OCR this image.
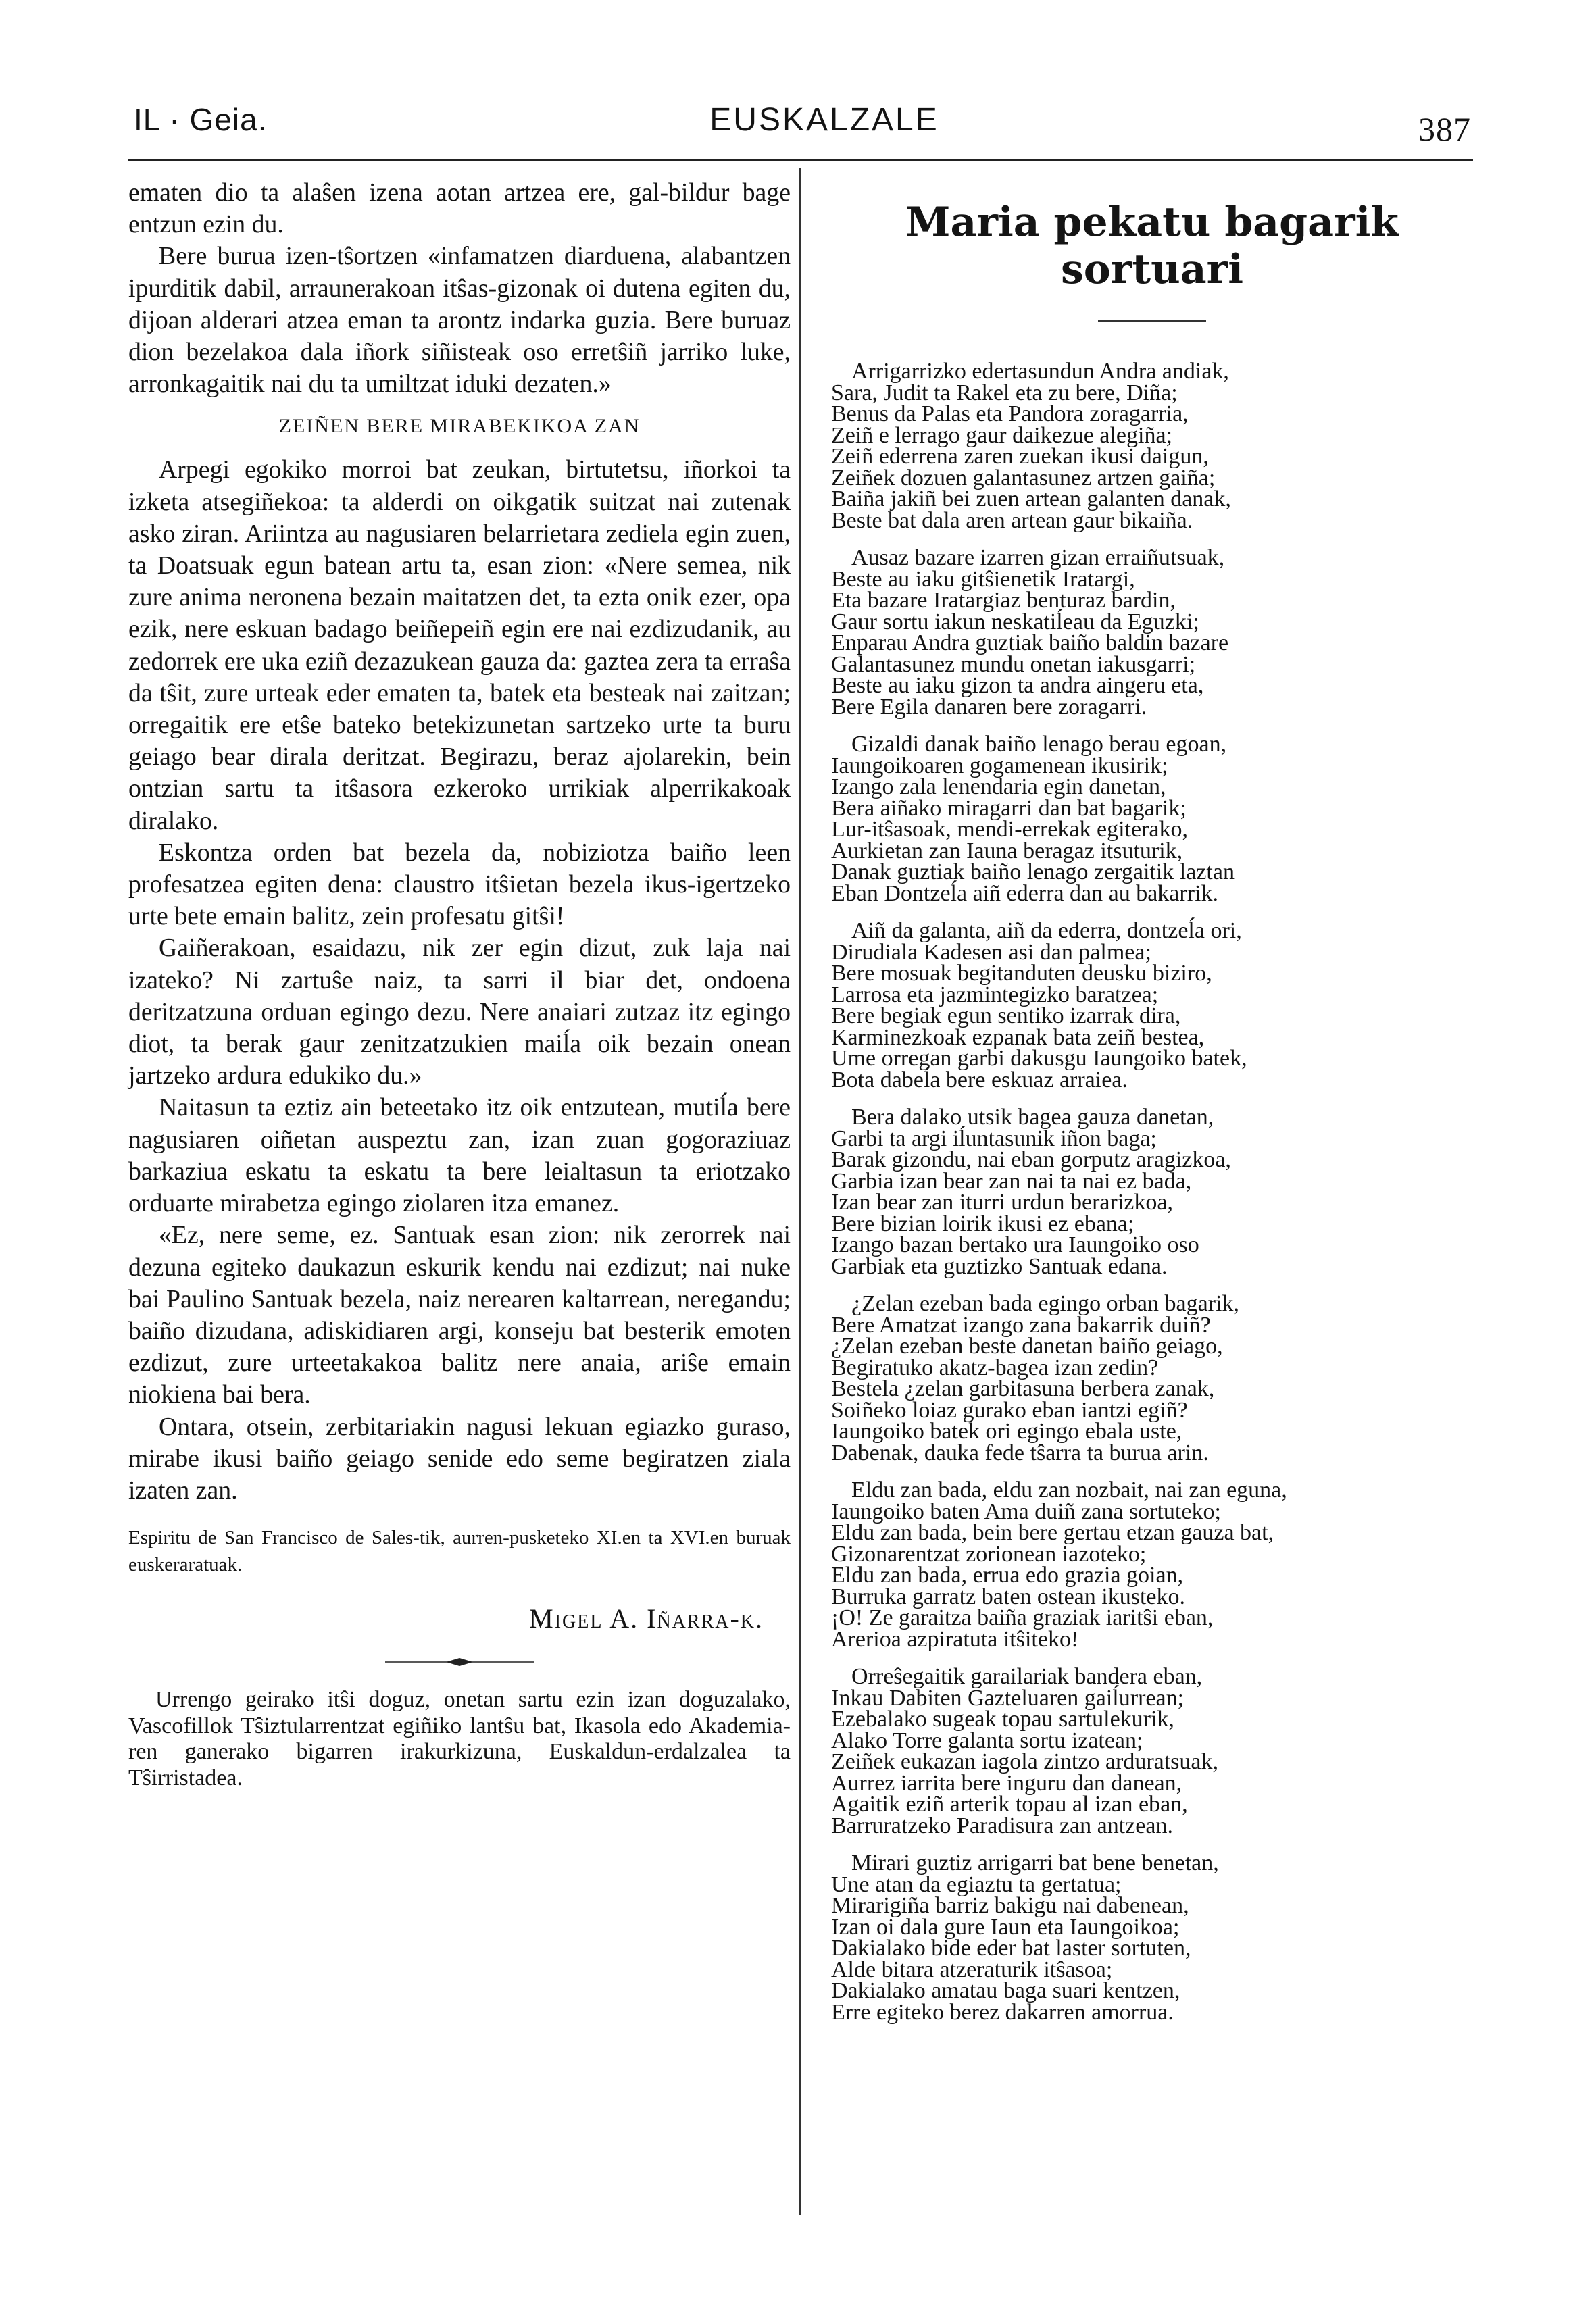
IL · Geia.	EUSKALZALE	387

ematen dio ta alaŝen izena aotan artzea ere, gal-bildur bage entzun ezin du.

Bere burua izen-tŝortzen «infamatzen diarduena, alabantzen ipurditik dabil, arraunerakoan itŝas-gizonak oi dutena egiten du, dijoan alderari atzea eman ta arontz indarka guzia. Bere buruaz dion bezelakoa dala iñork siñisteak oso erretŝiñ jarriko luke, arronkagaitik nai du ta umiltzat iduki dezaten.»

ZEIÑEN BERE MIRABEKIKOA ZAN

Arpegi egokiko morroi bat zeukan, birtutetsu, iñorkoi ta izketa atsegiñekoa: ta alderdi on oikgatik suitzat nai zutenak asko ziran. Ariintza au nagusiaren belarrietara zediela egin zuen, ta Doatsuak egun batean artu ta, esan zion: «Nere semea, nik zure anima neronena bezain maitatzen det, ta ezta onik ezer, opa ezik, nere eskuan badago beiñepeiñ egin ere nai ezdizudanik, au zedorrek ere uka eziñ dezazukean gauza da: gaztea zera ta erraŝa da tŝit, zure urteak eder ematen ta, batek eta besteak nai zaitzan; orregaitik ere etŝe bateko betekizunetan sartzeko urte ta buru geiago bear dirala deritzat. Begirazu, beraz ajolarekin, bein ontzian sartu ta itŝasora ezkeroko urrikiak alperrikakoak diralako.

Eskontza orden bat bezela da, nobiziotza baiño leen profesatzea egiten dena: claustro itŝietan bezela ikus-igertzeko urte bete emain balitz, zein profesatu gitŝi!

Gaiñerakoan, esaidazu, nik zer egin dizut, zuk laja nai izateko? Ni zartuŝe naiz, ta sarri il biar det, ondoena deritzatzuna orduan egingo dezu. Nere anaiari zutzaz itz egingo diot, ta berak gaur zenitzatzukien maiĺa oik bezain onean jartzeko ardura edukiko du.»

Naitasun ta eztiz ain beteetako itz oik entzutean, mutiĺa bere nagusiaren oiñetan auspeztu zan, izan zuan gogoraziuaz barkaziua eskatu ta eskatu ta bere leialtasun ta eriotzako orduarte mirabetza egingo ziolaren itza emanez.

«Ez, nere seme, ez. Santuak esan zion: nik zerorrek nai dezuna egiteko daukazun eskurik kendu nai ezdizut; nai nuke bai Paulino Santuak bezela, naiz nerearen kaltarrean, neregandu; baiño dizudana, adiskidiaren argi, konseju bat besterik emoten ezdizut, zure urteetakakoa balitz nere anaia, ariŝe emain niokiena bai bera.

Ontara, otsein, zerbitariakin nagusi lekuan egiazko guraso, mirabe ikusi baiño geiago senide edo seme begiratzen ziala izaten zan.

Espiritu de San Francisco de Sales-tik, aurren-pusketeko XI.en ta XVI.en buruak euskeraratuak.

Migel A. Iñarra-k.

Urrengo geirako itŝi doguz, onetan sartu ezin izan doguzalako, Vascofillok Tŝiztularrentzat egiñiko lantŝu bat, Ikasola edo Akademia-ren ganerako bigarren irakurkizuna, Euskaldun-erdalzalea ta Tŝirristadea.

Maria pekatu bagarik sortuari
Arrigarrizko edertasundun Andra andiak,
Sara, Judit ta Rakel eta zu bere, Diña;
Benus da Palas eta Pandora zoragarria,
Zeiñ e lerrago gaur daikezue alegiña;
Zeiñ ederrena zaren zuekan ikusi daigun,
Zeiñek dozuen galantasunez artzen gaiña;
Baiña jakiñ bei zuen artean galanten danak,
Beste bat dala aren artean gaur bikaiña.
Ausaz bazare izarren gizan erraiñutsuak,
Beste au iaku gitŝienetik Iratargi,
Eta bazare Iratargiaz benturaz bardin,
Gaur sortu iakun neskatiĺeau da Eguzki;
Enparau Andra guztiak baiño baldin bazare
Galantasunez mundu onetan iakusgarri;
Beste au iaku gizon ta andra aingeru eta,
Bere Egila danaren bere zoragarri.
Gizaldi danak baiño lenago berau egoan,
Iaungoikoaren gogamenean ikusirik;
Izango zala lenendaria egin danetan,
Bera aiñako miragarri dan bat bagarik;
Lur-itŝasoak, mendi-errekak egiterako,
Aurkietan zan Iauna beragaz itsuturik,
Danak guztiak baiño lenago zergaitik laztan
Eban Dontzeĺa aiñ ederra dan au bakarrik.
Aiñ da galanta, aiñ da ederra, dontzeĺa ori,
Dirudiala Kadesen asi dan palmea;
Bere mosuak begitanduten deusku biziro,
Larrosa eta jazmintegizko baratzea;
Bere begiak egun sentiko izarrak dira,
Karminezkoak ezpanak bata zeiñ bestea,
Ume orregan garbi dakusgu Iaungoiko batek,
Bota dabeĺa bere eskuaz arraiea.
Bera dalako utsik bagea gauza danetan,
Garbi ta argi iĺuntasunik iñon baga;
Barak gizondu, nai eban gorputz aragizkoa,
Garbia izan bear zan nai ta nai ez bada,
Izan bear zan iturri urdun berarizkoa,
Bere bizian loirik ikusi ez ebana;
Izango bazan bertako ura Iaungoiko oso
Garbiak eta guztizko Santuak edana.
¿Zelan ezeban bada egingo orban bagarik,
Bere Amatzat izango zana bakarrik duiñ?
¿Zelan ezeban beste danetan baiño geiago,
Begiratuko akatz-bagea izan zedin?
Bestela ¿zelan garbitasuna berbera zanak,
Soiñeko loiaz gurako eban iantzi egiñ?
Iaungoiko batek ori egingo ebala uste,
Dabenak, dauka fede tŝarra ta burua arin.
Eldu zan bada, eldu zan nozbait, nai zan eguna,
Iaungoiko baten Ama duiñ zana sortuteko;
Eldu zan bada, bein bere gertau etzan gauza bat,
Gizonarentzat zorionean iazoteko;
Eldu zan bada, errua edo grazia goian,
Burruka garratz baten ostean ikusteko.
¡O! Ze garaitza baiña graziak iaritŝi eban,
Arerioa azpiratuta itŝiteko!
Orreŝegaitik garailariak bandera eban,
Inkau Dabiten Gazteluaren gaiĺurrean;
Ezebalako sugeak topau sartulekurik,
Alako Torre galanta sortu izatean;
Zeiñek eukazan iagola zintzo arduratsuak,
Aurrez iarrita bere inguru dan danean,
Agaitik eziñ arterik topau al izan eban,
Barruratzeko Paradisura zan antzean.
Mirari guztiz arrigarri bat bene benetan,
Une atan da egiaztu ta gertatua;
Mirarigiña barriz bakigu nai dabenean,
Izan oi dala gure Iaun eta Iaungoikoa;
Dakialako bide eder bat laster sortuten,
Alde bitara atzeraturik itŝasoa;
Dakialako amatau baga suari kentzen,
Erre egiteko berez dakarren amorrua.
